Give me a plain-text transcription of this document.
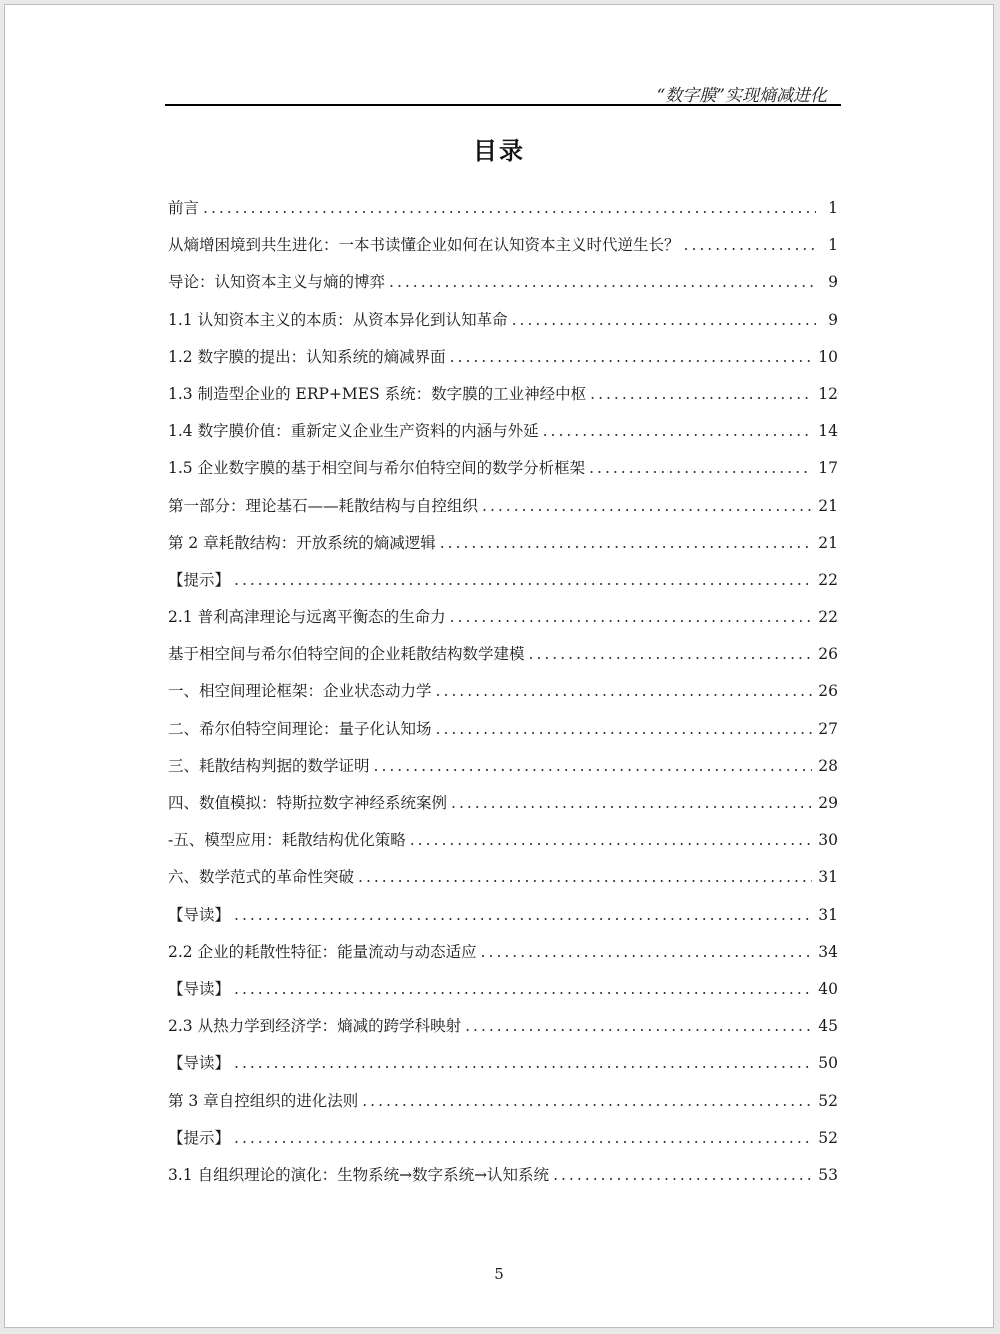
“数字膜”实现熵减进化
目录
前言 .....	1
从熵增困境到共生进化：一本书读懂企业如何在认知资本主义时代逆生长？ .....	1
导论：认知资本主义与熵的博弈 .....	9
1.1 认知资本主义的本质：从资本异化到认知革命 .....	9
1.2 数字膜的提出：认知系统的熵减界面 .....	10
1.3 制造型企业的 ERP+MES 系统：数字膜的工业神经中枢 .....	12
1.4 数字膜价值：重新定义企业生产资料的内涵与外延 .....	14
1.5 企业数字膜的基于相空间与希尔伯特空间的数学分析框架 .....	17
第一部分：理论基石——耗散结构与自控组织 .....	21
第 2 章耗散结构：开放系统的熵减逻辑 .....	21
【提示】 .....	22
2.1 普利高津理论与远离平衡态的生命力 .....	22
基于相空间与希尔伯特空间的企业耗散结构数学建模 .....	26
一、相空间理论框架：企业状态动力学 .....	26
二、希尔伯特空间理论：量子化认知场 .....	27
三、耗散结构判据的数学证明 .....	28
四、数值模拟：特斯拉数字神经系统案例 .....	29
-五、模型应用：耗散结构优化策略 .....	30
六、数学范式的革命性突破 .....	31
【导读】 .....	31
2.2 企业的耗散性特征：能量流动与动态适应 .....	34
【导读】 .....	40
2.3 从热力学到经济学：熵减的跨学科映射 .....	45
【导读】 .....	50
第 3 章自控组织的进化法则 .....	52
【提示】 .....	52
3.1 自组织理论的演化：生物系统→数字系统→认知系统 .....	53
5
